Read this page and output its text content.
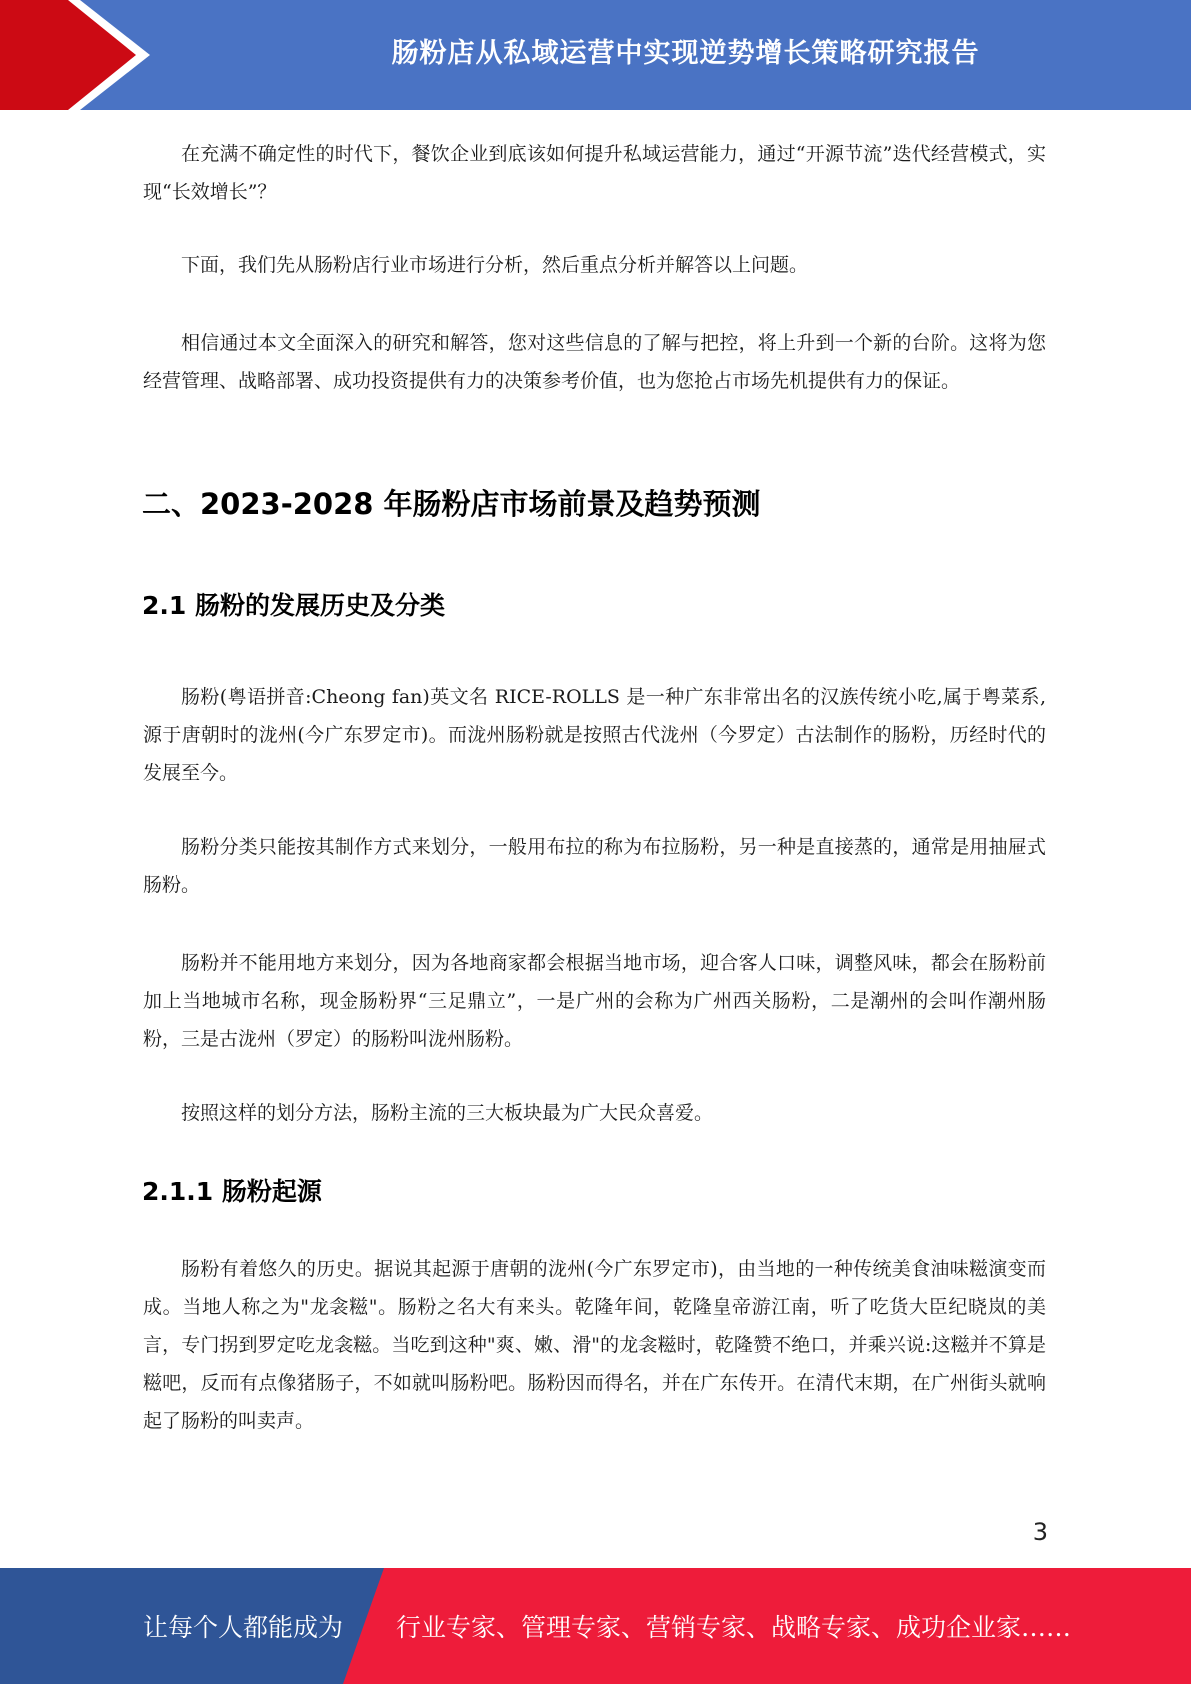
肠粉店从私域运营中实现逆势增长策略研究报告

在充满不确定性的时代下，餐饮企业到底该如何提升私域运营能力，通过“开源节流”迭代经营模式，实现“长效增长”？

下面，我们先从肠粉店行业市场进行分析，然后重点分析并解答以上问题。

相信通过本文全面深入的研究和解答，您对这些信息的了解与把控，将上升到一个新的台阶。这将为您经营管理、战略部署、成功投资提供有力的决策参考价值，也为您抢占市场先机提供有力的保证。

二、2023-2028 年肠粉店市场前景及趋势预测
2.1 肠粉的发展历史及分类

肠粉(粤语拼音:Cheong fan)英文名 RICE-ROLLS 是一种广东非常出名的汉族传统小吃,属于粤菜系,源于唐朝时的泷州(今广东罗定市)。而泷州肠粉就是按照古代泷州（今罗定）古法制作的肠粉，历经时代的发展至今。

肠粉分类只能按其制作方式来划分，一般用布拉的称为布拉肠粉，另一种是直接蒸的，通常是用抽屉式肠粉。

肠粉并不能用地方来划分，因为各地商家都会根据当地市场，迎合客人口味，调整风味，都会在肠粉前加上当地城市名称，现金肠粉界“三足鼎立”，一是广州的会称为广州西关肠粉，二是潮州的会叫作潮州肠粉，三是古泷州（罗定）的肠粉叫泷州肠粉。

按照这样的划分方法，肠粉主流的三大板块最为广大民众喜爱。

2.1.1 肠粉起源

肠粉有着悠久的历史。据说其起源于唐朝的泷州(今广东罗定市)，由当地的一种传统美食油味糍演变而成。当地人称之为"龙衾糍"。肠粉之名大有来头。乾隆年间，乾隆皇帝游江南，听了吃货大臣纪晓岚的美言，专门拐到罗定吃龙衾糍。当吃到这种"爽、嫩、滑"的龙衾糍时，乾隆赞不绝口，并乘兴说:这糍并不算是糍吧，反而有点像猪肠子，不如就叫肠粉吧。肠粉因而得名，并在广东传开。在清代末期，在广州街头就响起了肠粉的叫卖声。

3
让每个人都能成为 行业专家、管理专家、营销专家、战略专家、成功企业家……
